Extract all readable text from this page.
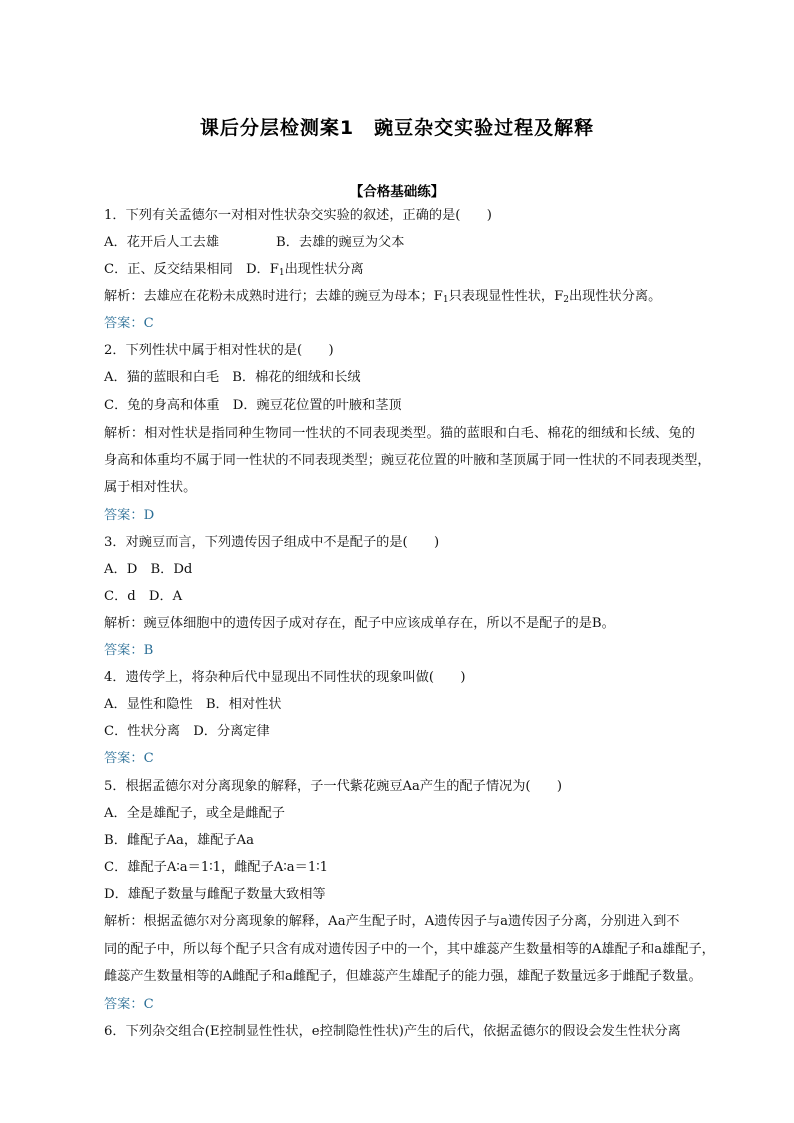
课后分层检测案1　豌豆杂交实验过程及解释
【合格基础练】
1．下列有关孟德尔一对相对性状杂交实验的叙述，正确的是(　　)
A．花开后人工去雄	B．去雄的豌豆为父本
C．正、反交结果相同　D．$F_1$出现性状分离
解析：去雄应在花粉未成熟时进行；去雄的豌豆为母本；$F_1$只表现显性性状，$F_2$出现性状分离。
答案：C
2．下列性状中属于相对性状的是(　　)
A．猫的蓝眼和白毛　B．棉花的细绒和长绒
C．兔的身高和体重　D．豌豆花位置的叶腋和茎顶
解析：相对性状是指同种生物同一性状的不同表现类型。猫的蓝眼和白毛、棉花的细绒和长绒、兔的
身高和体重均不属于同一性状的不同表现类型；豌豆花位置的叶腋和茎顶属于同一性状的不同表现类型，
属于相对性状。
答案：D
3．对豌豆而言，下列遗传因子组成中不是配子的是(　　)
A．D　B．Dd
C．d　D．A
解析：豌豆体细胞中的遗传因子成对存在，配子中应该成单存在，所以不是配子的是B。
答案：B
4．遗传学上，将杂种后代中显现出不同性状的现象叫做(　　)
A．显性和隐性　B．相对性状
C．性状分离　D．分离定律
答案：C
5．根据孟德尔对分离现象的解释，子一代紫花豌豆Aa产生的配子情况为(　　)
A．全是雄配子，或全是雌配子
B．雌配子Aa，雄配子Aa
C．雄配子A∶a＝1∶1，雌配子A∶a＝1∶1
D．雄配子数量与雌配子数量大致相等
解析：根据孟德尔对分离现象的解释，Aa产生配子时，A遗传因子与a遗传因子分离，分别进入到不
同的配子中，所以每个配子只含有成对遗传因子中的一个，其中雄蕊产生数量相等的A雄配子和a雄配子，
雌蕊产生数量相等的A雌配子和a雌配子，但雄蕊产生雄配子的能力强，雄配子数量远多于雌配子数量。
答案：C
6．下列杂交组合(E控制显性性状，e控制隐性性状)产生的后代，依据孟德尔的假设会发生性状分离
